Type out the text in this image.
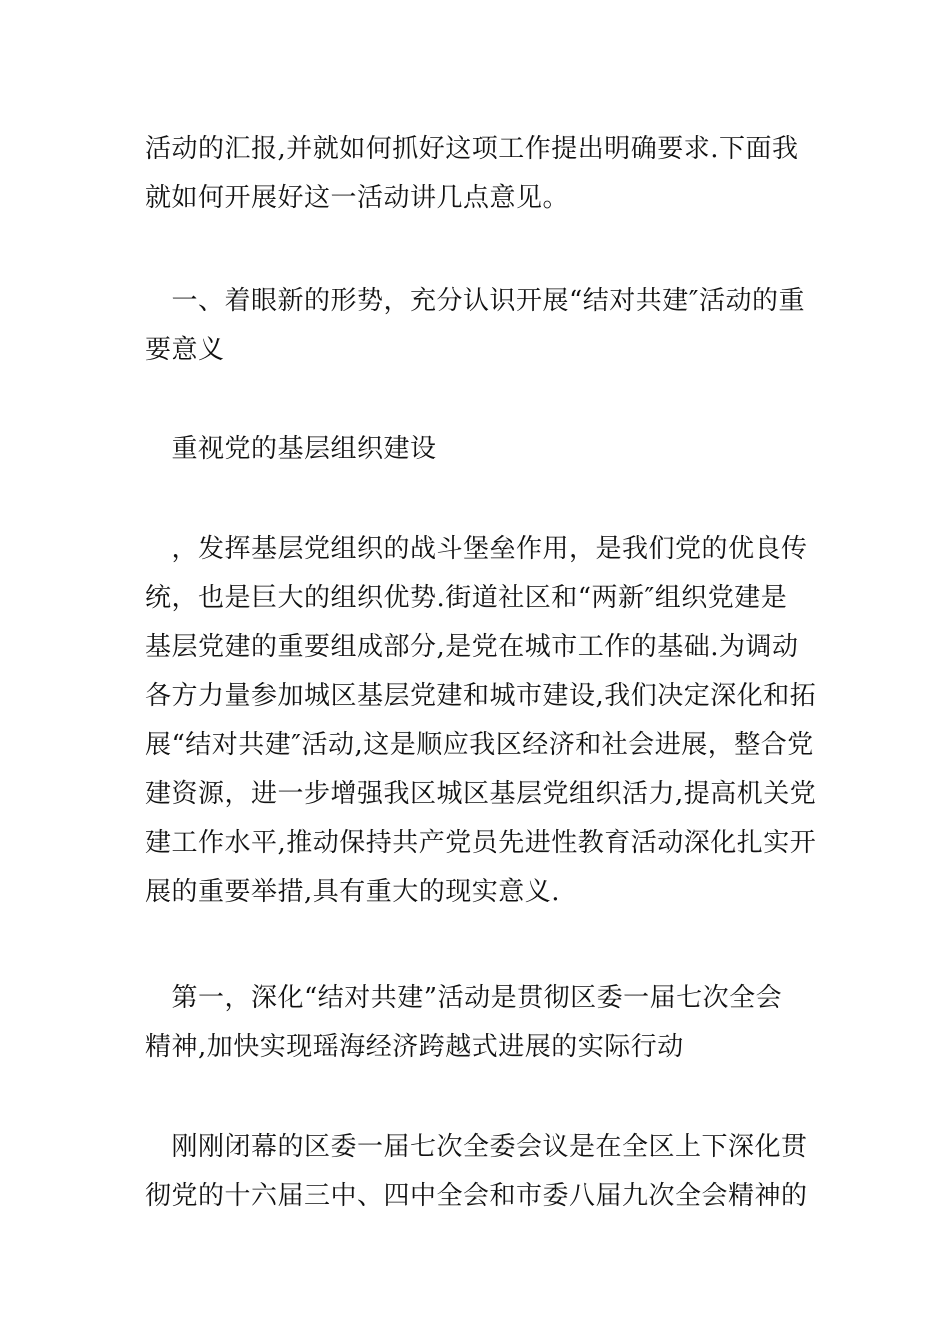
活动的汇报,并就如何抓好这项工作提出明确要求.下面我
就如何开展好这一活动讲几点意见。
　一、着眼新的形势，充分认识开展“结对共建″活动的重
要意义
　重视党的基层组织建设
　，发挥基层党组织的战斗堡垒作用，是我们党的优良传
统，也是巨大的组织优势.街道社区和“两新″组织党建是
基层党建的重要组成部分,是党在城市工作的基础.为调动
各方力量参加城区基层党建和城市建设,我们决定深化和拓
展“结对共建″活动,这是顺应我区经济和社会进展，整合党
建资源，进一步增强我区城区基层党组织活力,提高机关党
建工作水平,推动保持共产党员先进性教育活动深化扎实开
展的重要举措,具有重大的现实意义.
　第一，深化“结对共建”活动是贯彻区委一届七次全会
精神,加快实现瑶海经济跨越式进展的实际行动
　刚刚闭幕的区委一届七次全委会议是在全区上下深化贯
彻党的十六届三中、四中全会和市委八届九次全会精神的
